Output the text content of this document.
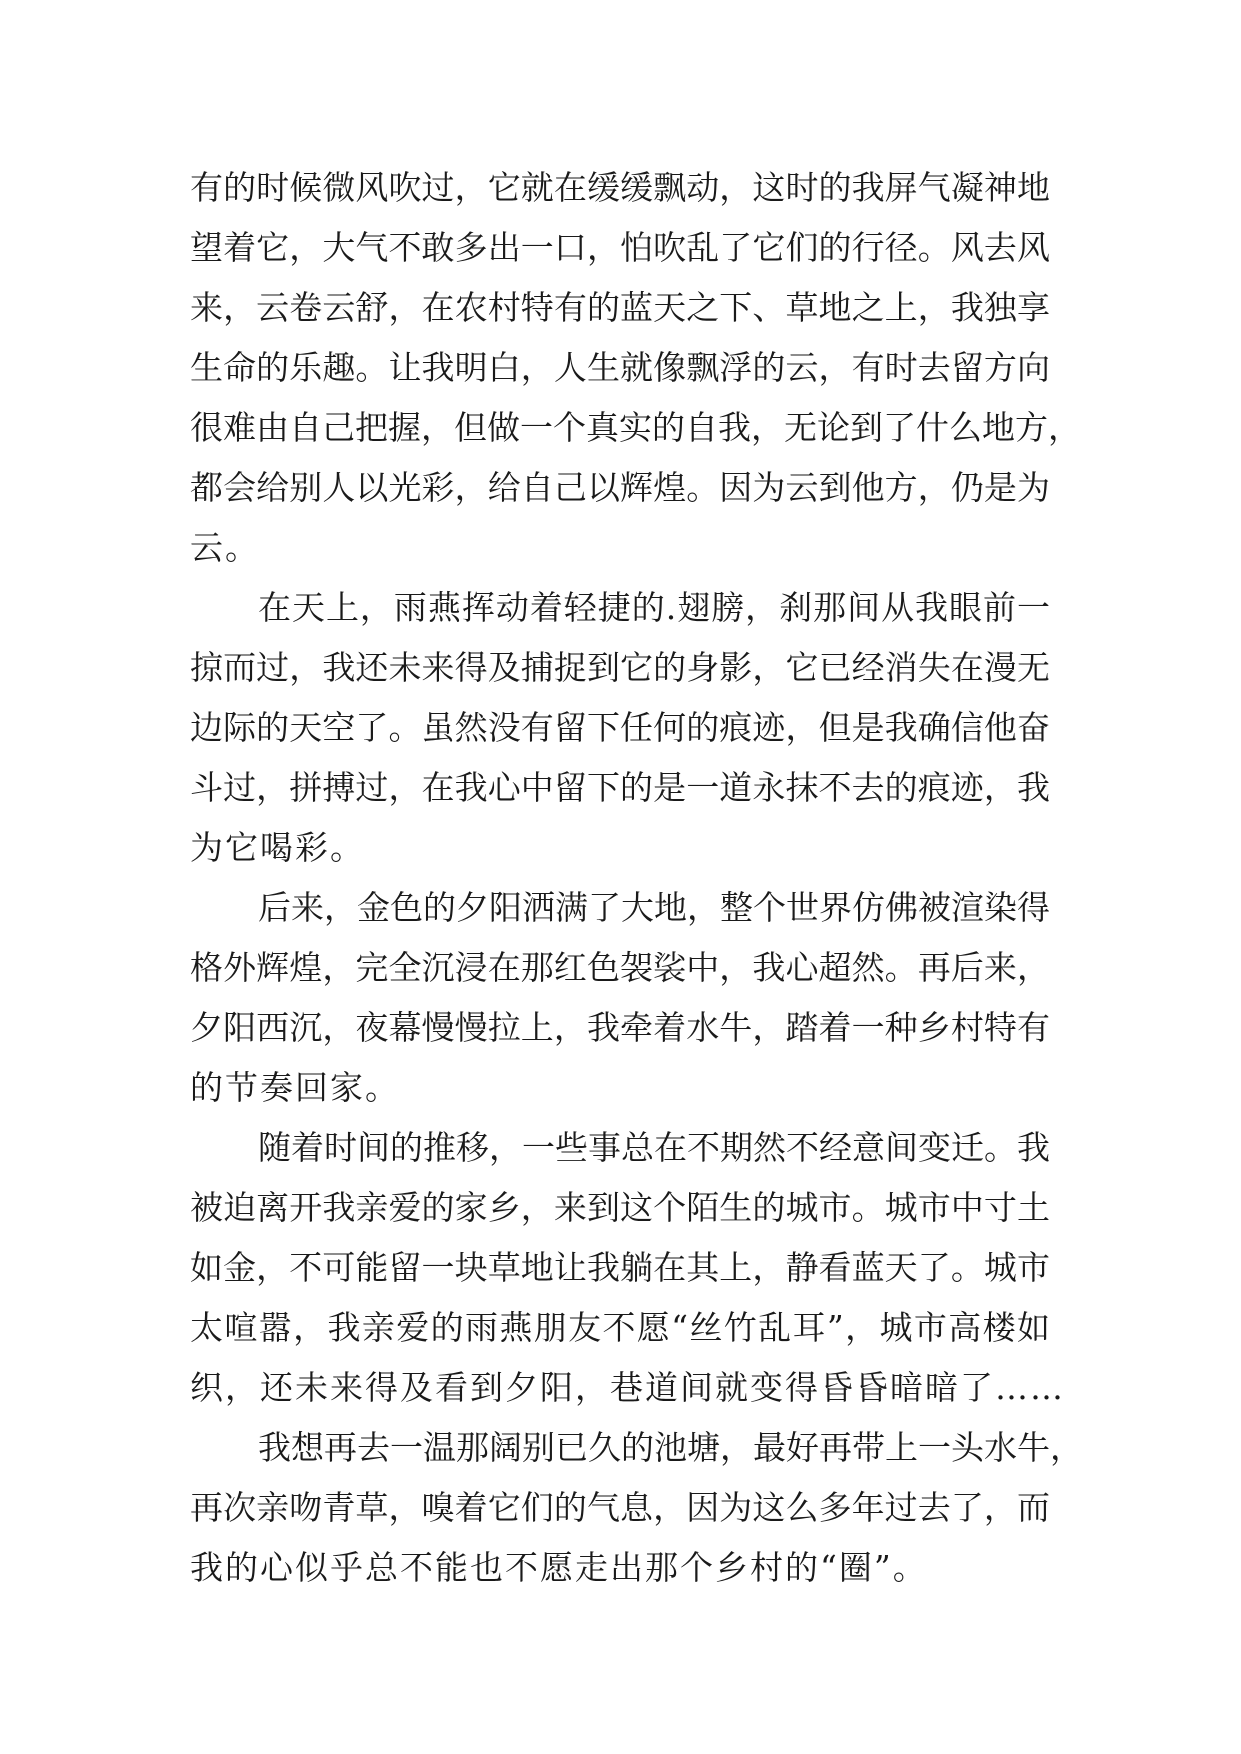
有的时候微风吹过，它就在缓缓飘动，这时的我屏气凝神地
望着它，大气不敢多出一口，怕吹乱了它们的行径。风去风
来，云卷云舒，在农村特有的蓝天之下、草地之上，我独享
生命的乐趣。让我明白，人生就像飘浮的云，有时去留方向
很难由自己把握，但做一个真实的自我，无论到了什么地方，
都会给别人以光彩，给自己以辉煌。因为云到他方，仍是为
云。
在天上，雨燕挥动着轻捷的.翅膀，刹那间从我眼前一
掠而过，我还未来得及捕捉到它的身影，它已经消失在漫无
边际的天空了。虽然没有留下任何的痕迹，但是我确信他奋
斗过，拼搏过，在我心中留下的是一道永抹不去的痕迹，我
为它喝彩。
后来，金色的夕阳洒满了大地，整个世界仿佛被渲染得
格外辉煌，完全沉浸在那红色袈裟中，我心超然。再后来，
夕阳西沉，夜幕慢慢拉上，我牵着水牛，踏着一种乡村特有
的节奏回家。
随着时间的推移，一些事总在不期然不经意间变迁。我
被迫离开我亲爱的家乡，来到这个陌生的城市。城市中寸土
如金，不可能留一块草地让我躺在其上，静看蓝天了。城市
太喧嚣，我亲爱的雨燕朋友不愿“丝竹乱耳”，城市高楼如
织，还未来得及看到夕阳，巷道间就变得昏昏暗暗了……
我想再去一温那阔别已久的池塘，最好再带上一头水牛，
再次亲吻青草，嗅着它们的气息，因为这么多年过去了，而
我的心似乎总不能也不愿走出那个乡村的“圈”。
